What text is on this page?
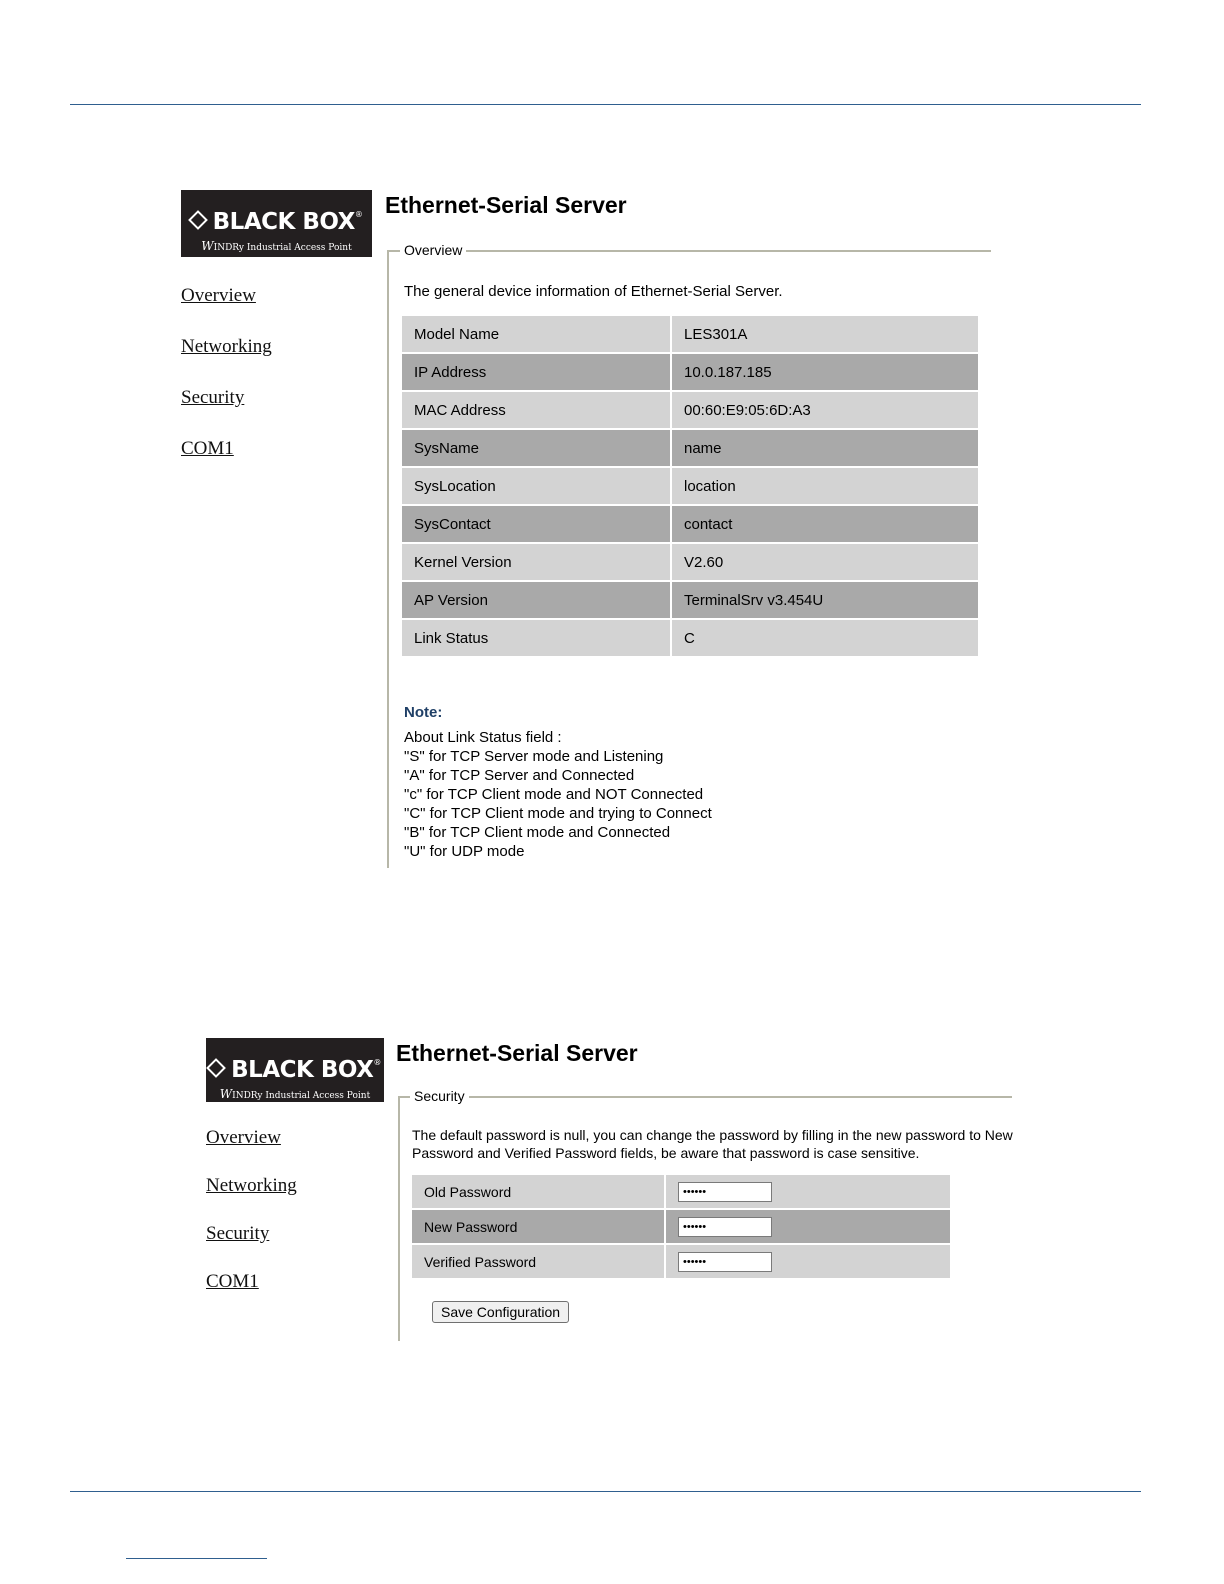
BLACK BOX®
WINDRy Industrial Access Point
Overview
Networking
Security
COM1
Ethernet-Serial Server
Overview

The general device information of Ethernet-Serial Server.

Model Name	LES301A
IP Address	10.0.187.185
MAC Address	00:60:E9:05:6D:A3
SysName	name
SysLocation	location
SysContact	contact
Kernel Version	V2.60
AP Version	TerminalSrv v3.454U
Link Status	C

Note:

About Link Status field :
"S" for TCP Server mode and Listening
"A" for TCP Server and Connected
"c" for TCP Client mode and NOT Connected
"C" for TCP Client mode and trying to Connect
"B" for TCP Client mode and Connected
"U" for UDP mode
BLACK BOX®
WINDRy Industrial Access Point
Overview
Networking
Security
COM1
Ethernet-Serial Server
Security

The default password is null, you can change the password by filling in the new password to New Password and Verified Password fields, be aware that password is case sensitive.

Old Password	••••••
New Password	••••••
Verified Password	••••••
Save Configuration
